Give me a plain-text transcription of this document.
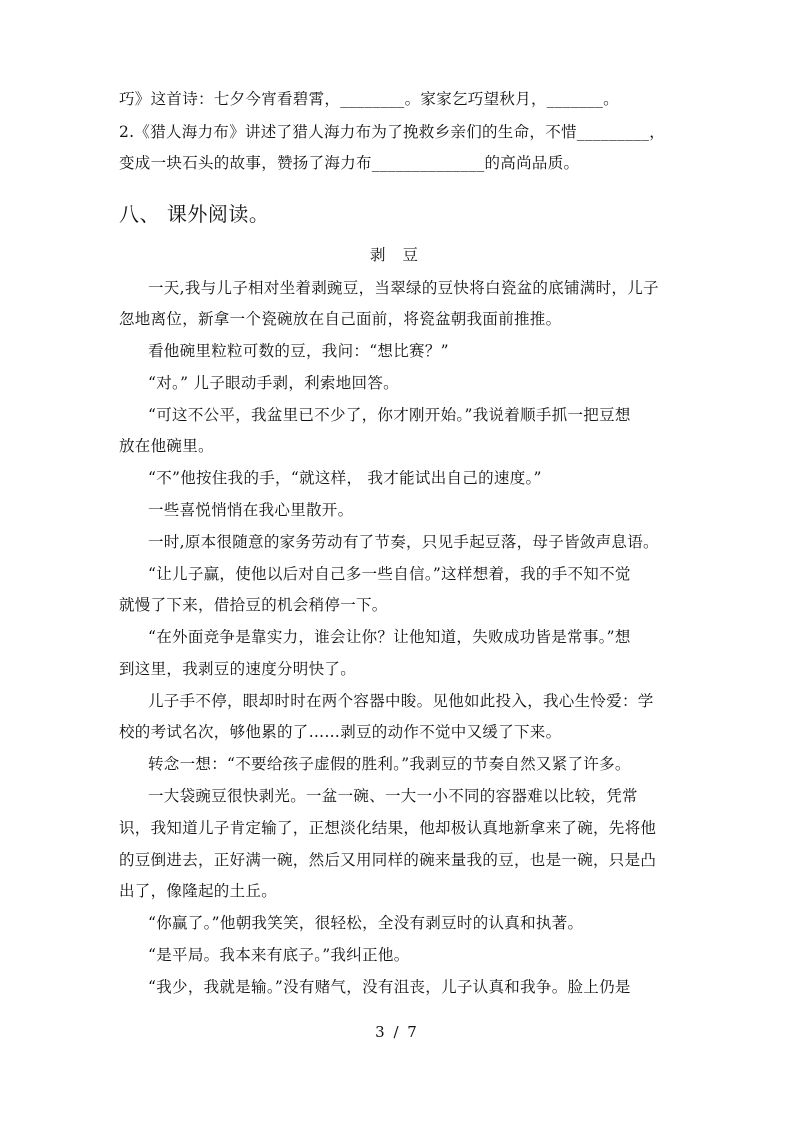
巧》这首诗：七夕今宵看碧霄，________。家家乞巧望秋月，_______。
2.《猎人海力布》讲述了猎人海力布为了挽救乡亲们的生命，不惜_________，
变成一块石头的故事，赞扬了海力布______________的高尚品质。
八、 课外阅读。
剥 豆
一天,我与儿子相对坐着剥豌豆，当翠绿的豆快将白瓷盆的底铺满时，儿子
忽地离位，新拿一个瓷碗放在自己面前，将瓷盆朝我面前推推。
看他碗里粒粒可数的豆，我问：“想比赛？”
“对。” 儿子眼动手剥，利索地回答。
“可这不公平，我盆里已不少了，你才刚开始。”我说着顺手抓一把豆想
放在他碗里。
“不”他按住我的手，“就这样， 我才能试出自己的速度。”
一些喜悦悄悄在我心里散开。
一时,原本很随意的家务劳动有了节奏，只见手起豆落，母子皆敛声息语。
“让儿子赢，使他以后对自己多一些自信。”这样想着，我的手不知不觉
就慢了下来，借拾豆的机会稍停一下。
“在外面竞争是靠实力，谁会让你？让他知道，失败成功皆是常事。”想
到这里，我剥豆的速度分明快了。
儿子手不停，眼却时时在两个容器中睃。见他如此投入，我心生怜爱：学
校的考试名次，够他累的了……剥豆的动作不觉中又缓了下来。
转念一想：“不要给孩子虚假的胜利。”我剥豆的节奏自然又紧了许多。
一大袋豌豆很快剥光。一盆一碗、一大一小不同的容器难以比较，凭常
识，我知道儿子肯定输了，正想淡化结果，他却极认真地新拿来了碗，先将他
的豆倒进去，正好满一碗，然后又用同样的碗来量我的豆，也是一碗，只是凸
出了，像隆起的土丘。
“你赢了。”他朝我笑笑，很轻松，全没有剥豆时的认真和执著。
“是平局。我本来有底子。”我纠正他。
“我少，我就是输。”没有赌气，没有沮丧，儿子认真和我争。脸上仍是
3 / 7
